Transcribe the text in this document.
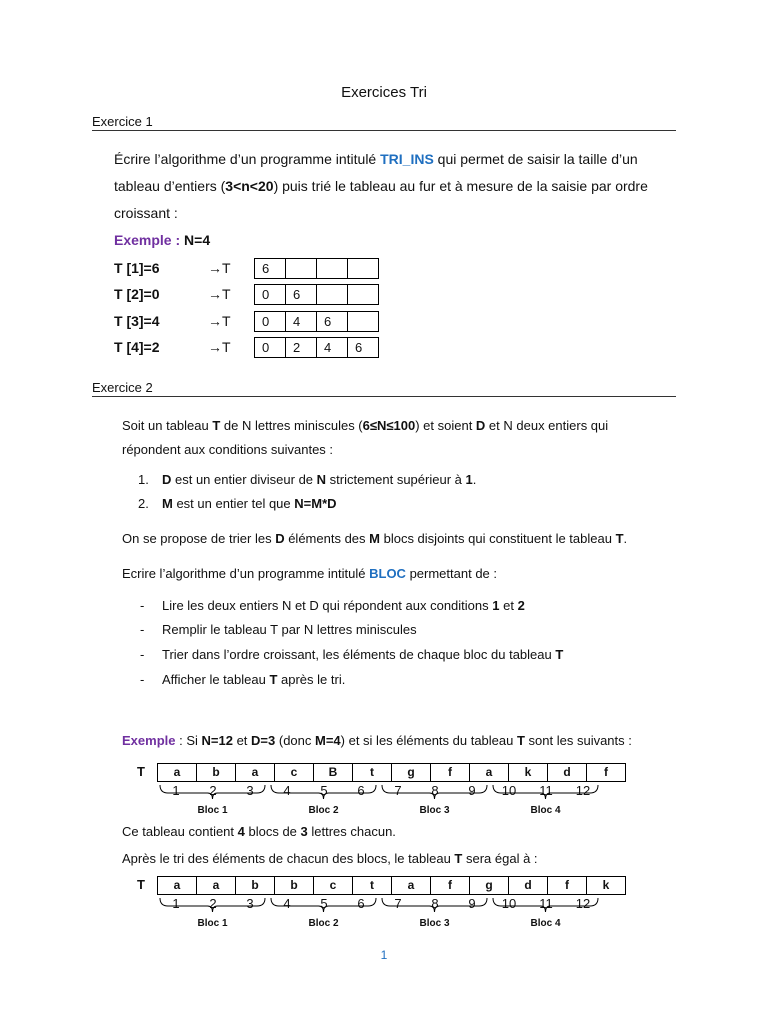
Exercices Tri
Exercice 1
Écrire l’algorithme d’un programme intitulé TRI_INS qui permet de saisir la taille d’un
tableau d’entiers (3<n<20) puis trié le tableau au fur et à mesure de la saisie par ordre
croissant :
Exemple : N=4
T [1]=6	→T	6
T [2]=0	→T	0	6
T [3]=4	→T	0	4	6
T [4]=2	→T	0	2	4	6
Exercice 2
Soit un tableau T de N lettres miniscules (6≤N≤100) et soient D et N deux entiers qui
répondent aux conditions suivantes :
1. D est un entier diviseur de N strictement supérieur à 1.
2. M est un entier tel que N=M*D
On se propose de trier les D éléments des M blocs disjoints qui constituent le tableau T.
Ecrire l’algorithme d’un programme intitulé BLOC permettant de :
- Lire les deux entiers N et D qui répondent aux conditions 1 et 2
- Remplir le tableau T par N lettres miniscules
- Trier dans l’ordre croissant, les éléments de chaque bloc du tableau T
- Afficher le tableau T après le tri.
Exemple : Si N=12 et D=3 (donc M=4) et si les éléments du tableau T sont les suivants :
T	a	b	a	c	B	t	g	f	a	k	d	f
1	2	3	4	5	6	7	8	9	10	11	12
Bloc 1	Bloc 2	Bloc 3	Bloc 4
Ce tableau contient 4 blocs de 3 lettres chacun.
Après le tri des éléments de chacun des blocs, le tableau T sera égal à :
T	a	a	b	b	c	t	a	f	g	d	f	k
1	2	3	4	5	6	7	8	9	10	11	12
Bloc 1	Bloc 2	Bloc 3	Bloc 4
1
